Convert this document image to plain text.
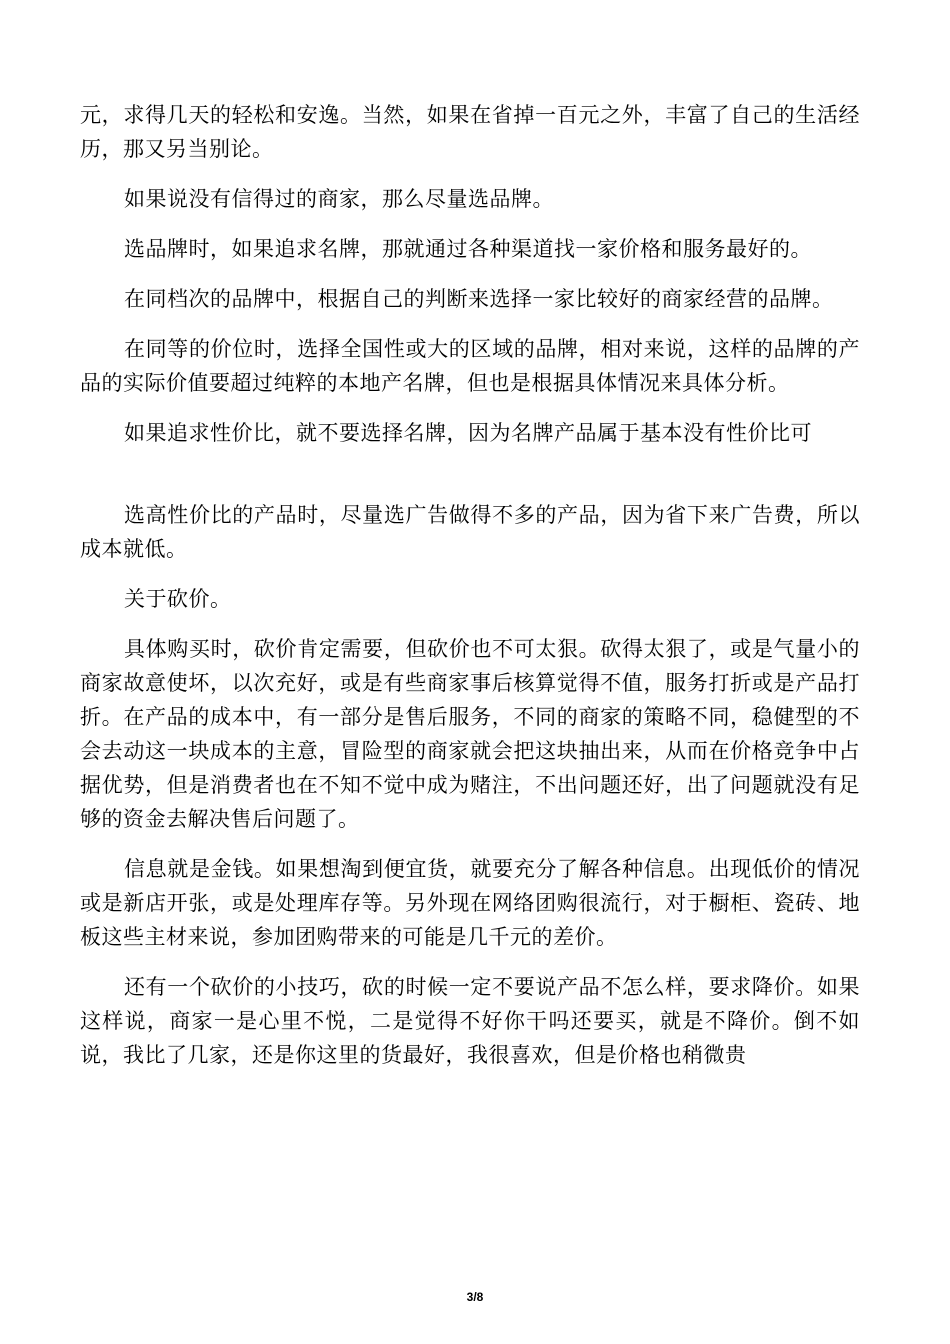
元，求得几天的轻松和安逸。当然，如果在省掉一百元之外，丰富了自己的生活经历，那又另当别论。

如果说没有信得过的商家，那么尽量选品牌。

选品牌时，如果追求名牌，那就通过各种渠道找一家价格和服务最好的。

在同档次的品牌中，根据自己的判断来选择一家比较好的商家经营的品牌。

在同等的价位时，选择全国性或大的区域的品牌，相对来说，这样的品牌的产品的实际价值要超过纯粹的本地产名牌，但也是根据具体情况来具体分析。

如果追求性价比，就不要选择名牌，因为名牌产品属于基本没有性价比可

选高性价比的产品时，尽量选广告做得不多的产品，因为省下来广告费，所以成本就低。

关于砍价。

具体购买时，砍价肯定需要，但砍价也不可太狠。砍得太狠了，或是气量小的商家故意使坏，以次充好，或是有些商家事后核算觉得不值，服务打折或是产品打折。在产品的成本中，有一部分是售后服务，不同的商家的策略不同，稳健型的不会去动这一块成本的主意，冒险型的商家就会把这块抽出来，从而在价格竞争中占据优势，但是消费者也在不知不觉中成为赌注，不出问题还好，出了问题就没有足够的资金去解决售后问题了。

信息就是金钱。如果想淘到便宜货，就要充分了解各种信息。出现低价的情况或是新店开张，或是处理库存等。另外现在网络团购很流行，对于橱柜、瓷砖、地板这些主材来说，参加团购带来的可能是几千元的差价。

还有一个砍价的小技巧，砍的时候一定不要说产品不怎么样，要求降价。如果这样说，商家一是心里不悦，二是觉得不好你干吗还要买，就是不降价。倒不如说，我比了几家，还是你这里的货最好，我很喜欢，但是价格也稍微贵

3/8
